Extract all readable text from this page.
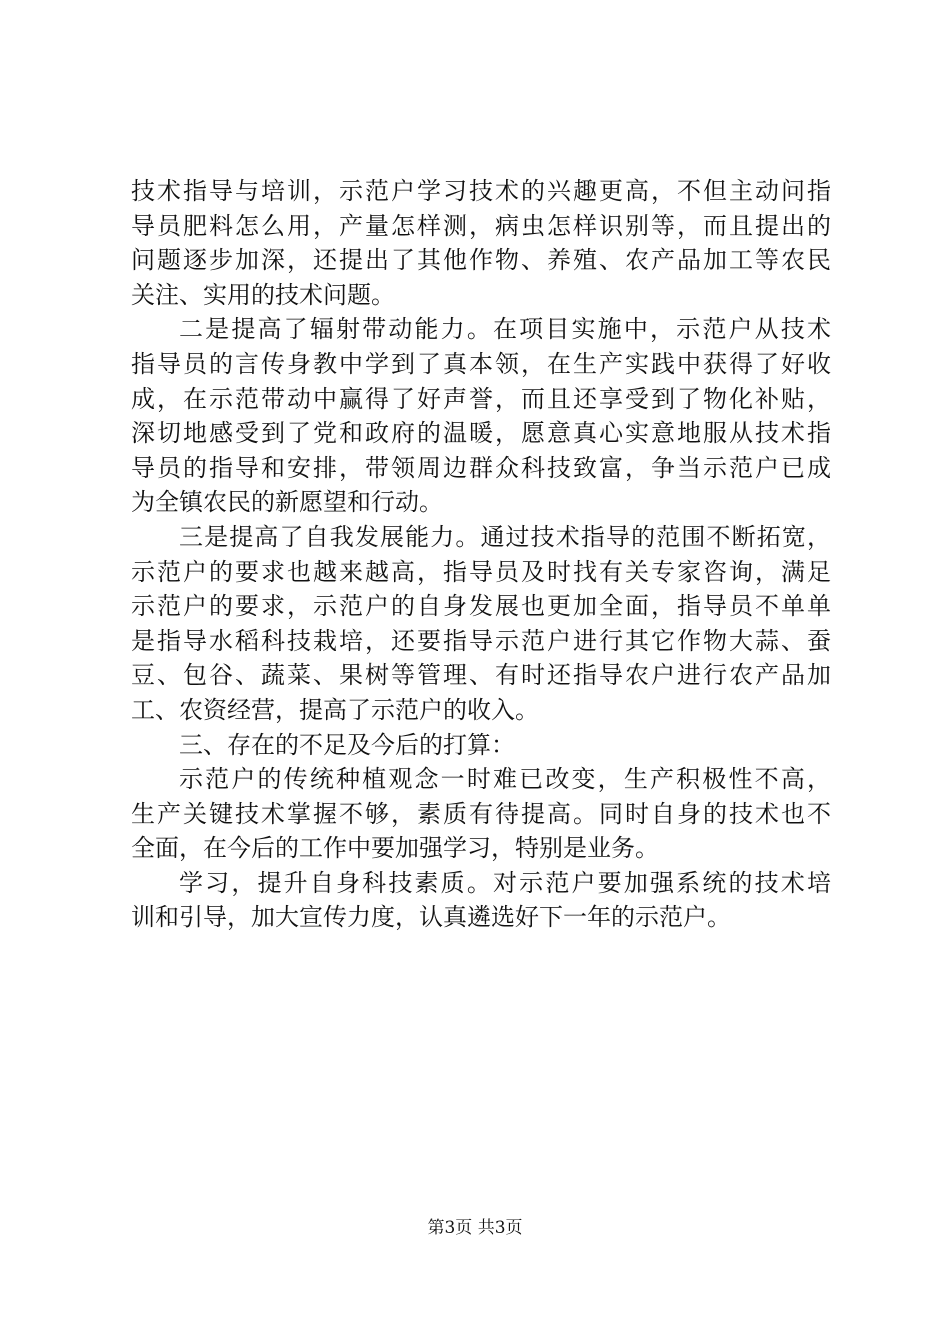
技术指导与培训，示范户学习技术的兴趣更高，不但主动问指
导员肥料怎么用，产量怎样测，病虫怎样识别等，而且提出的
问题逐步加深，还提出了其他作物、养殖、农产品加工等农民
关注、实用的技术问题。
二是提高了辐射带动能力。在项目实施中，示范户从技术
指导员的言传身教中学到了真本领，在生产实践中获得了好收
成，在示范带动中赢得了好声誉，而且还享受到了物化补贴，
深切地感受到了党和政府的温暖，愿意真心实意地服从技术指
导员的指导和安排，带领周边群众科技致富，争当示范户已成
为全镇农民的新愿望和行动。
三是提高了自我发展能力。通过技术指导的范围不断拓宽，
示范户的要求也越来越高，指导员及时找有关专家咨询，满足
示范户的要求，示范户的自身发展也更加全面，指导员不单单
是指导水稻科技栽培，还要指导示范户进行其它作物大蒜、蚕
豆、包谷、蔬菜、果树等管理、有时还指导农户进行农产品加
工、农资经营，提高了示范户的收入。
三、存在的不足及今后的打算：
示范户的传统种植观念一时难已改变，生产积极性不高，
生产关键技术掌握不够，素质有待提高。同时自身的技术也不
全面，在今后的工作中要加强学习，特别是业务。
学习，提升自身科技素质。对示范户要加强系统的技术培
训和引导，加大宣传力度，认真遴选好下一年的示范户。
第3页 共3页
